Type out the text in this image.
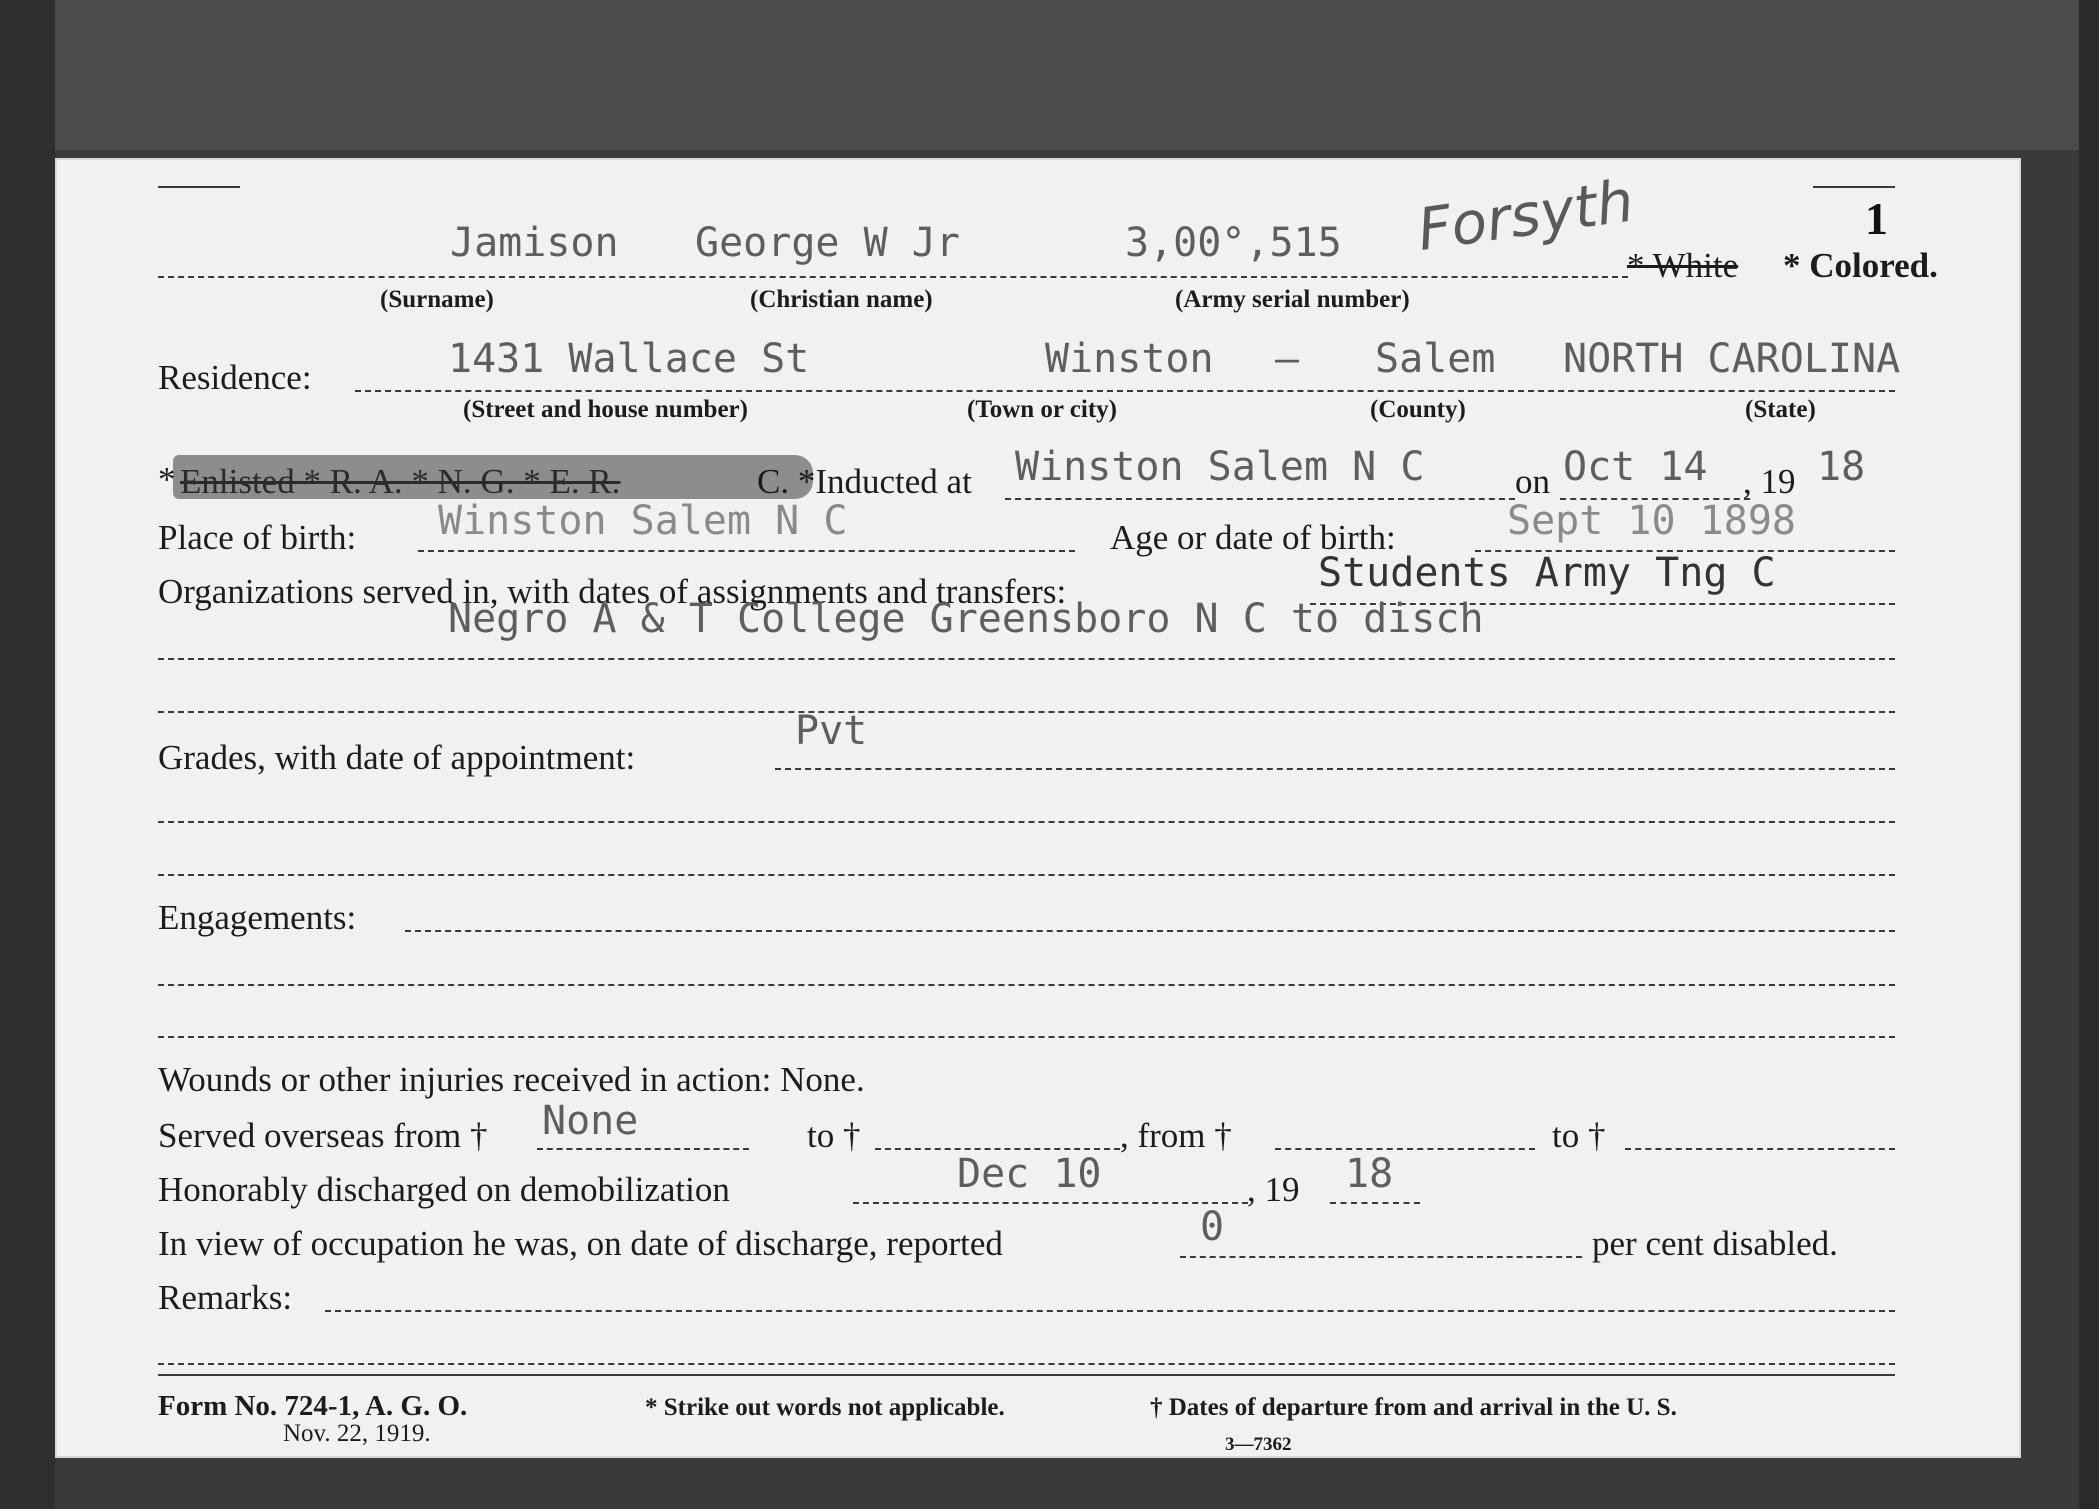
1
Jamison George W Jr	3,00°,515 Forsyth
* White * Colored.
(Surname)	(Christian name)	(Army serial number)
Residence:	1431 Wallace St	Winston — Salem NORTH CAROLINA
(Street and house number)	(Town or city)	(County)	(State)
* Enlisted * R. A. * N. G. * E. R.	C. *Inducted at Winston Salem N C	on Oct 14 , 19 18
Place of birth: Winston Salem N C	Age or date of birth:	Sept 10 1898
Organizations served in, with dates of assignments and transfers:	Students Army Tng C
Negro A & T College Greensboro N C to disch
Grades, with date of appointment:
Pvt
Engagements:
Wounds or other injuries received in action: None.
Served overseas from † None	to †	, from †	to †
Honorably discharged on demobilization	Dec 10	, 19 18
In view of occupation he was, on date of discharge, reported	0	per cent disabled.
Remarks:
Form No. 724-1, A. G. O.
Nov. 22, 1919.
* Strike out words not applicable.	† Dates of departure from and arrival in the U. S.
3—7362
